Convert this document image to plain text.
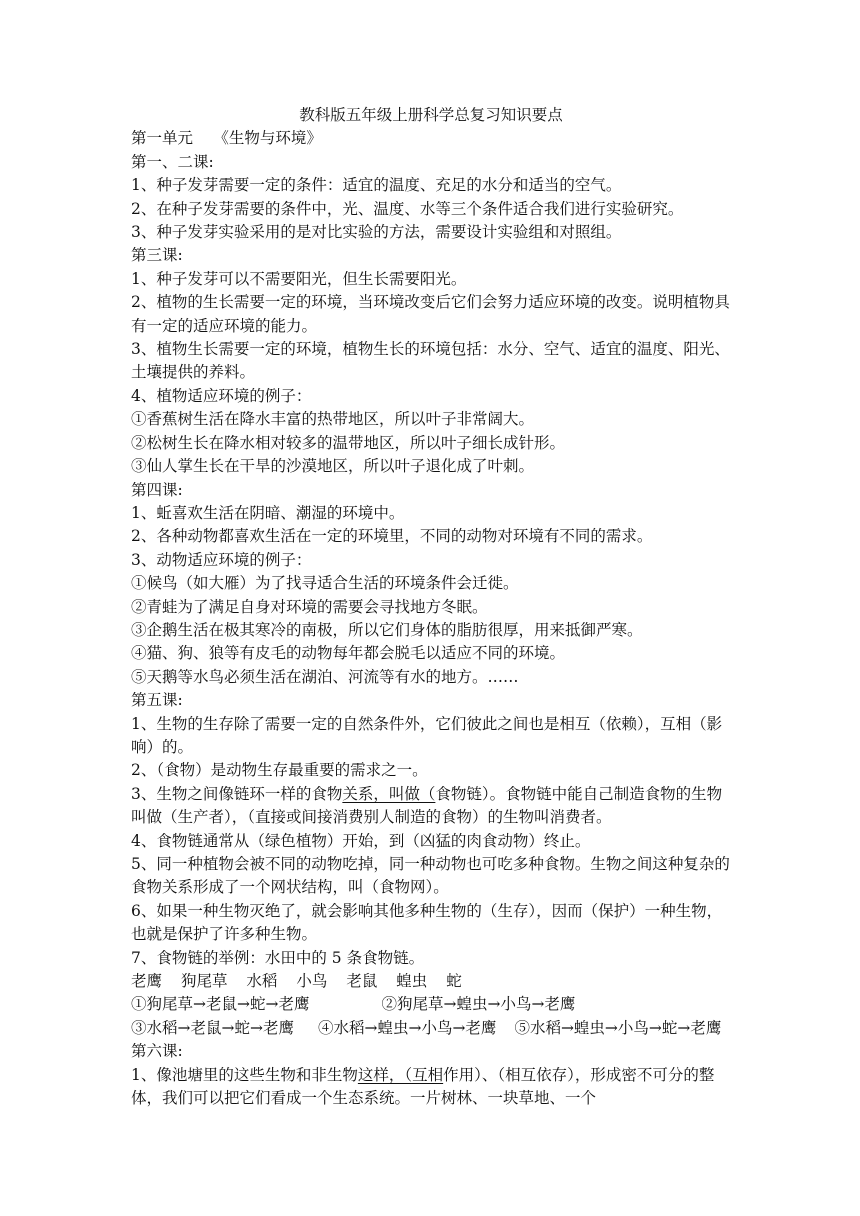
教科版五年级上册科学总复习知识要点

第一单元　 《生物与环境》

第一、二课:

1、种子发芽需要一定的条件：适宜的温度、充足的水分和适当的空气。

2、在种子发芽需要的条件中，光、温度、水等三个条件适合我们进行实验研究。

3、种子发芽实验采用的是对比实验的方法，需要设计实验组和对照组。

第三课:

1、种子发芽可以不需要阳光，但生长需要阳光。

2、植物的生长需要一定的环境，当环境改变后它们会努力适应环境的改变。说明植物具有一定的适应环境的能力。

3、植物生长需要一定的环境，植物生长的环境包括：水分、空气、适宜的温度、阳光、土壤提供的养料。

4、植物适应环境的例子：

①香蕉树生活在降水丰富的热带地区，所以叶子非常阔大。

②松树生长在降水相对较多的温带地区，所以叶子细长成针形。

③仙人掌生长在干旱的沙漠地区，所以叶子退化成了叶刺。

第四课:

1、蚯喜欢生活在阴暗、潮湿的环境中。

2、各种动物都喜欢生活在一定的环境里，不同的动物对环境有不同的需求。

3、动物适应环境的例子：

①候鸟（如大雁）为了找寻适合生活的环境条件会迁徙。

②青蛙为了满足自身对环境的需要会寻找地方冬眠。

③企鹅生活在极其寒冷的南极，所以它们身体的脂肪很厚，用来抵御严寒。

④猫、狗、狼等有皮毛的动物每年都会脱毛以适应不同的环境。

⑤天鹅等水鸟必须生活在湖泊、河流等有水的地方。……

第五课:

1、生物的生存除了需要一定的自然条件外，它们彼此之间也是相互（依赖），互相（影响）的。

2、（食物）是动物生存最重要的需求之一。

3、生物之间像链环一样的食物关系，叫做（食物链）。食物链中能自己制造食物的生物叫做（生产者），（直接或间接消费别人制造的食物）的生物叫消费者。

4、食物链通常从（绿色植物）开始，到（凶猛的肉食动物）终止。

5、同一种植物会被不同的动物吃掉，同一种动物也可吃多种食物。生物之间这种复杂的食物关系形成了一个网状结构，叫（食物网）。

6、如果一种生物灭绝了，就会影响其他多种生物的（生存），因而（保护）一种生物，也就是保护了许多种生物。

7、食物链的举例：水田中的 5 条食物链。

老鹰 狗尾草 水稻 小鸟 老鼠 蝗虫 蛇

①狗尾草→老鼠→蛇→老鹰	②狗尾草→蝗虫→小鸟→老鹰

③水稻→老鼠→蛇→老鹰 ④水稻→蝗虫→小鸟→老鹰 ⑤水稻→蝗虫→小鸟→蛇→老鹰

第六课:

1、像池塘里的这些生物和非生物这样，（互相作用）、（相互依存），形成密不可分的整体，我们可以把它们看成一个生态系统。一片树林、一块草地、一个
